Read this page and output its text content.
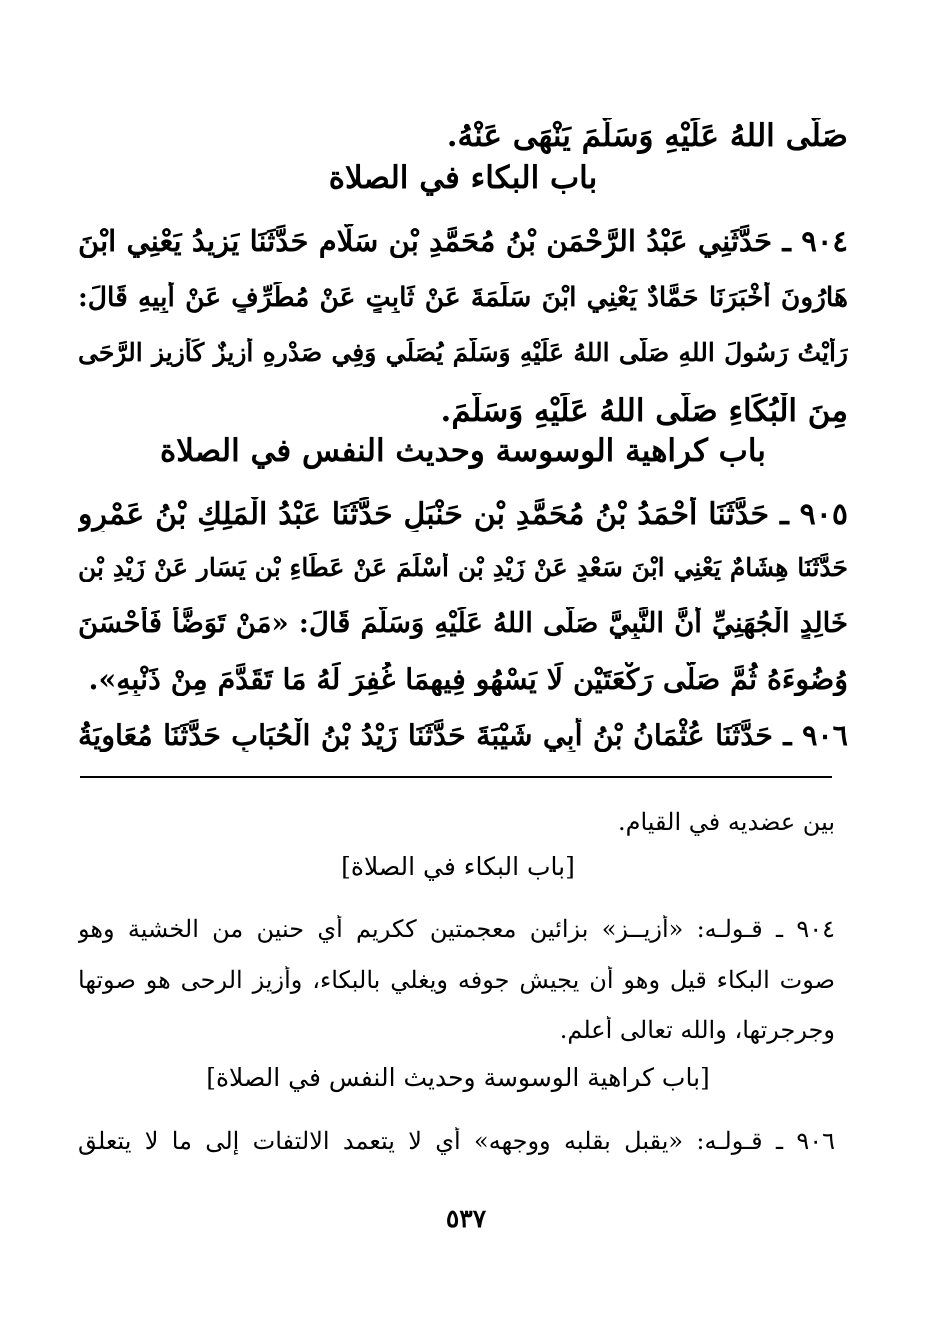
صَلَّى اللهُ عَلَيْهِ وَسَلَّمَ يَنْهَى عَنْهُ.
باب البكاء في الصلاة
٩٠٤ ـ حَدَّثَنِي عَبْدُ الرَّحْمَنِ بْنُ مُحَمَّدِ بْنِ سَلَّامٍ حَدَّثَنَا يَزِيدُ يَعْنِي ابْنَ
هَارُونَ أَخْبَرَنَا حَمَّادٌ يَعْنِي ابْنَ سَلَمَةَ عَنْ ثَابِتٍ عَنْ مُطَرِّفٍ عَنْ أَبِيهِ قَالَ:
رَأَيْتُ رَسُولَ اللهِ صَلَّى اللهُ عَلَيْهِ وَسَلَّمَ يُصَلِّي وَفِي صَدْرِهِ أَزِيزٌ كَأَزِيزِ الرَّحَى
مِنَ الْبُكَاءِ صَلَّى اللهُ عَلَيْهِ وَسَلَّمَ.
باب كراهية الوسوسة وحديث النفس في الصلاة
٩٠٥ ـ حَدَّثَنَا أَحْمَدُ بْنُ مُحَمَّدِ بْنِ حَنْبَلٍ حَدَّثَنَا عَبْدُ الْمَلِكِ بْنُ عَمْرٍو
حَدَّثَنَا هِشَامٌ يَعْنِي ابْنَ سَعْدٍ عَنْ زَيْدِ بْنِ أَسْلَمَ عَنْ عَطَاءِ بْنِ يَسَارٍ عَنْ زَيْدِ بْنِ
خَالِدٍ الْجُهَنِيِّ أَنَّ النَّبِيَّ صَلَّى اللهُ عَلَيْهِ وَسَلَّمَ قَالَ: «مَنْ تَوَضَّأَ فَأَحْسَنَ
وُضُوءَهُ ثُمَّ صَلَّى رَكْعَتَيْنِ لَا يَسْهُو فِيهِمَا غُفِرَ لَهُ مَا تَقَدَّمَ مِنْ ذَنْبِهِ».
٩٠٦ ـ حَدَّثَنَا عُثْمَانُ بْنُ أَبِي شَيْبَةَ حَدَّثَنَا زَيْدُ بْنُ الْحُبَابِ حَدَّثَنَا مُعَاوِيَةُ
بين عضديه في القيام.
[باب البكاء في الصلاة]
٩٠٤ ـ قـولـه: «أزيــز» بزائين معجمتين ككريم أي حنين من الخشية وهو
صوت البكاء قيل وهو أن يجيش جوفه ويغلي بالبكاء، وأزيز الرحى هو صوتها
وجرجرتها، والله تعالى أعلم.
[باب كراهية الوسوسة وحديث النفس في الصلاة]
٩٠٦ ـ قـولـه: «يقبل بقلبه ووجهه» أي لا يتعمد الالتفات إلى ما لا يتعلق
٥٣٧
